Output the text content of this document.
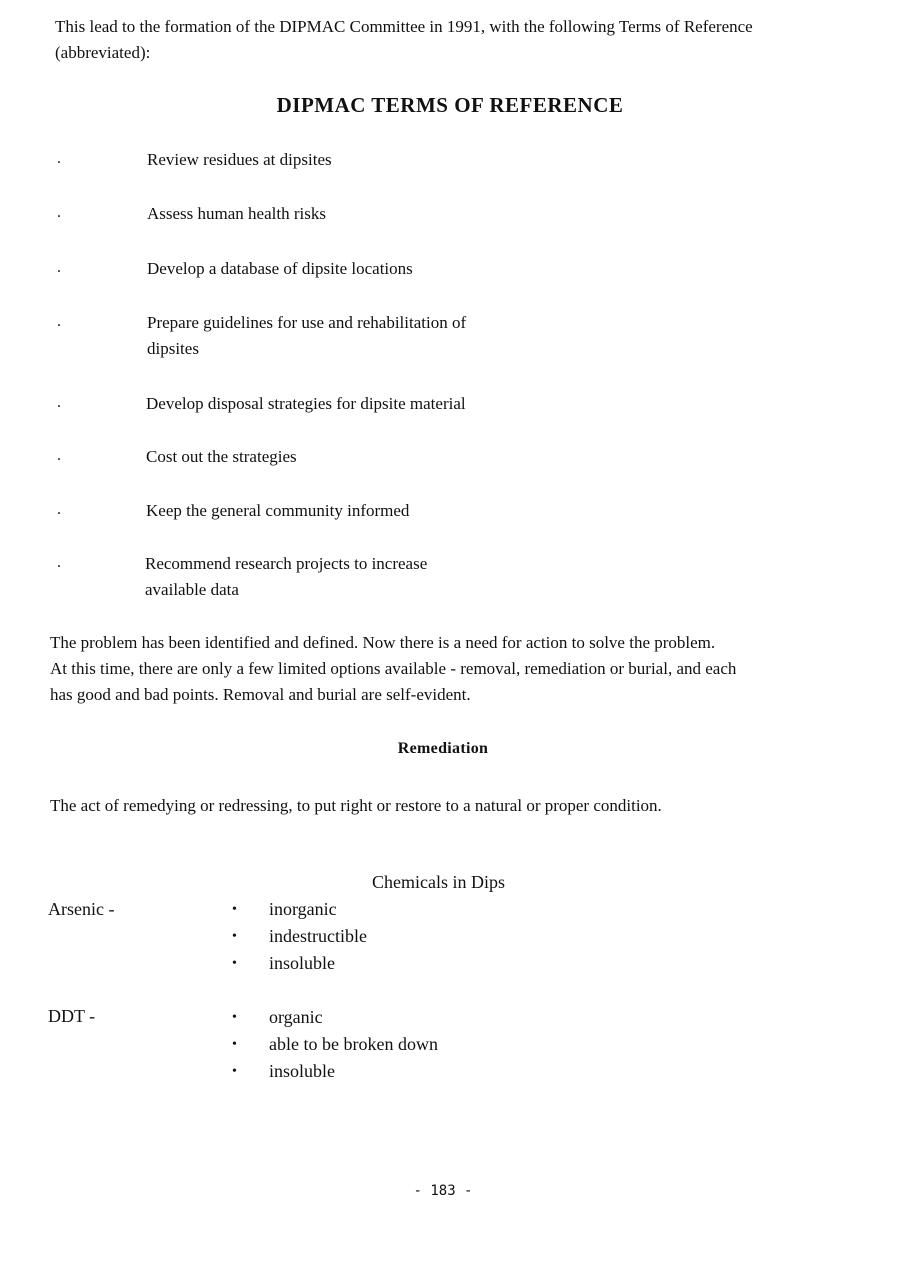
This lead to the formation of the DIPMAC Committee in 1991, with the following Terms of Reference
(abbreviated):
DIPMAC TERMS OF REFERENCE
.	Review residues at dipsites
.	Assess human health risks
.	Develop a database of dipsite locations
.	Prepare guidelines for use and rehabilitation of
dipsites
.	Develop disposal strategies for dipsite material
.	Cost out the strategies
.	Keep the general community informed
.	Recommend research projects to increase
available data
The problem has been identified and defined. Now there is a need for action to solve the problem.
At this time, there are only a few limited options available - removal, remediation or burial, and each
has good and bad points. Removal and burial are self-evident.
Remediation
The act of remedying or redressing, to put right or restore to a natural or proper condition.
Chemicals in Dips
Arsenic -	• inorganic
• indestructible
• insoluble
DDT -	• organic
• able to be broken down
• insoluble
- 183 -
